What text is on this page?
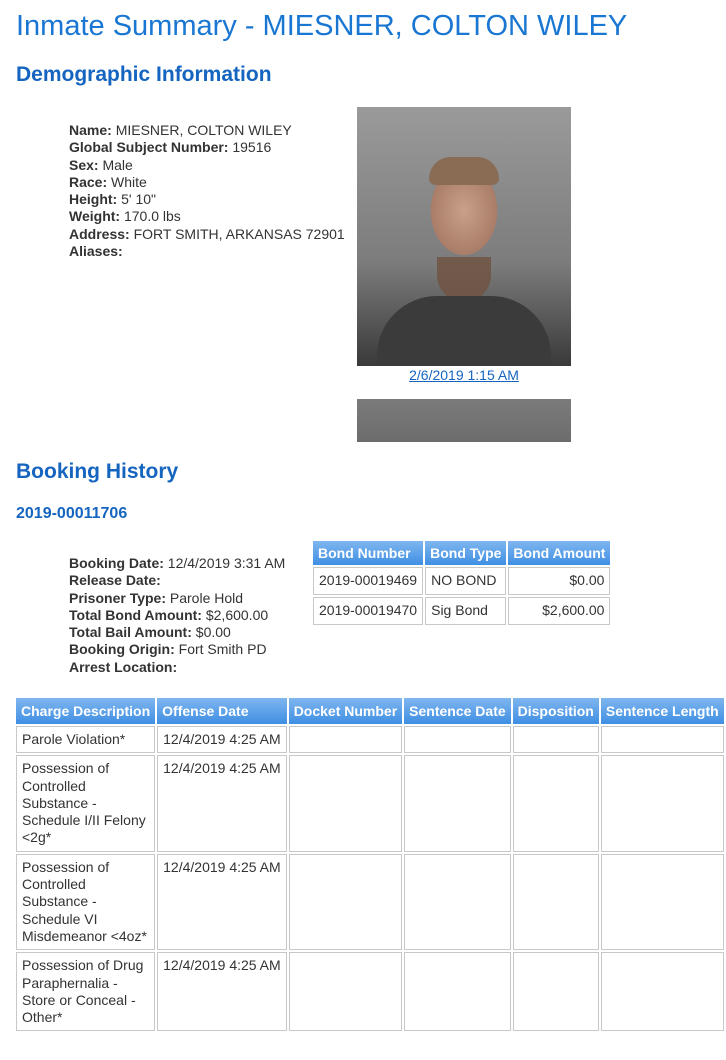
Inmate Summary - MIESNER, COLTON WILEY
Demographic Information
Name: MIESNER, COLTON WILEY
Global Subject Number: 19516
Sex: Male
Race: White
Height: 5' 10"
Weight: 170.0 lbs
Address: FORT SMITH, ARKANSAS 72901
Aliases:
2/6/2019 1:15 AM
Booking History
2019-00011706
Booking Date: 12/4/2019 3:31 AM
Release Date:
Prisoner Type: Parole Hold
Total Bond Amount: $2,600.00
Total Bail Amount: $0.00
Booking Origin: Fort Smith PD
Arrest Location:
Bond Number	Bond Type	Bond Amount
2019-00019469	NO BOND	$0.00
2019-00019470	Sig Bond	$2,600.00
Charge Description	Offense Date	Docket Number	Sentence Date	Disposition	Sentence Length
Parole Violation*	12/4/2019 4:25 AM				
Possession of Controlled Substance - Schedule I/II Felony <2g*	12/4/2019 4:25 AM				
Possession of Controlled Substance - Schedule VI Misdemeanor <4oz*	12/4/2019 4:25 AM				
Possession of Drug Paraphernalia - Store or Conceal - Other*	12/4/2019 4:25 AM				
